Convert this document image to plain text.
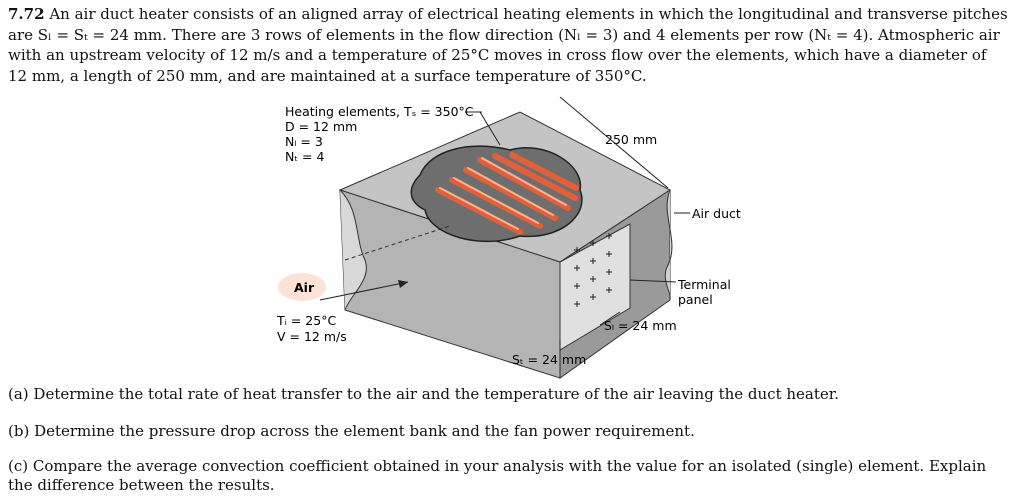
7.72 An air duct heater consists of an aligned array of electrical heating elements in which the longitudinal and transverse pitches are Sₗ = Sₜ = 24 mm. There are 3 rows of elements in the flow direction (Nₗ = 3) and 4 elements per row (Nₜ = 4). Atmospheric air with an upstream velocity of 12 m/s and a temperature of 25°C moves in cross flow over the elements, which have a diameter of 12 mm, a length of 250 mm, and are maintained at a surface temperature of 350°C.
Heating elements, Tₛ = 350°C
D = 12 mm
Nₗ = 3
Nₜ = 4
250 mm
Air duct
Terminal
panel
Sₗ = 24 mm
Sₜ = 24 mm
Air
Tᵢ = 25°C
V = 12 m/s
(a) Determine the total rate of heat transfer to the air and the temperature of the air leaving the duct heater.
(b) Determine the pressure drop across the element bank and the fan power requirement.
(c) Compare the average convection coefficient obtained in your analysis with the value for an isolated (single) element. Explain the difference between the results.
